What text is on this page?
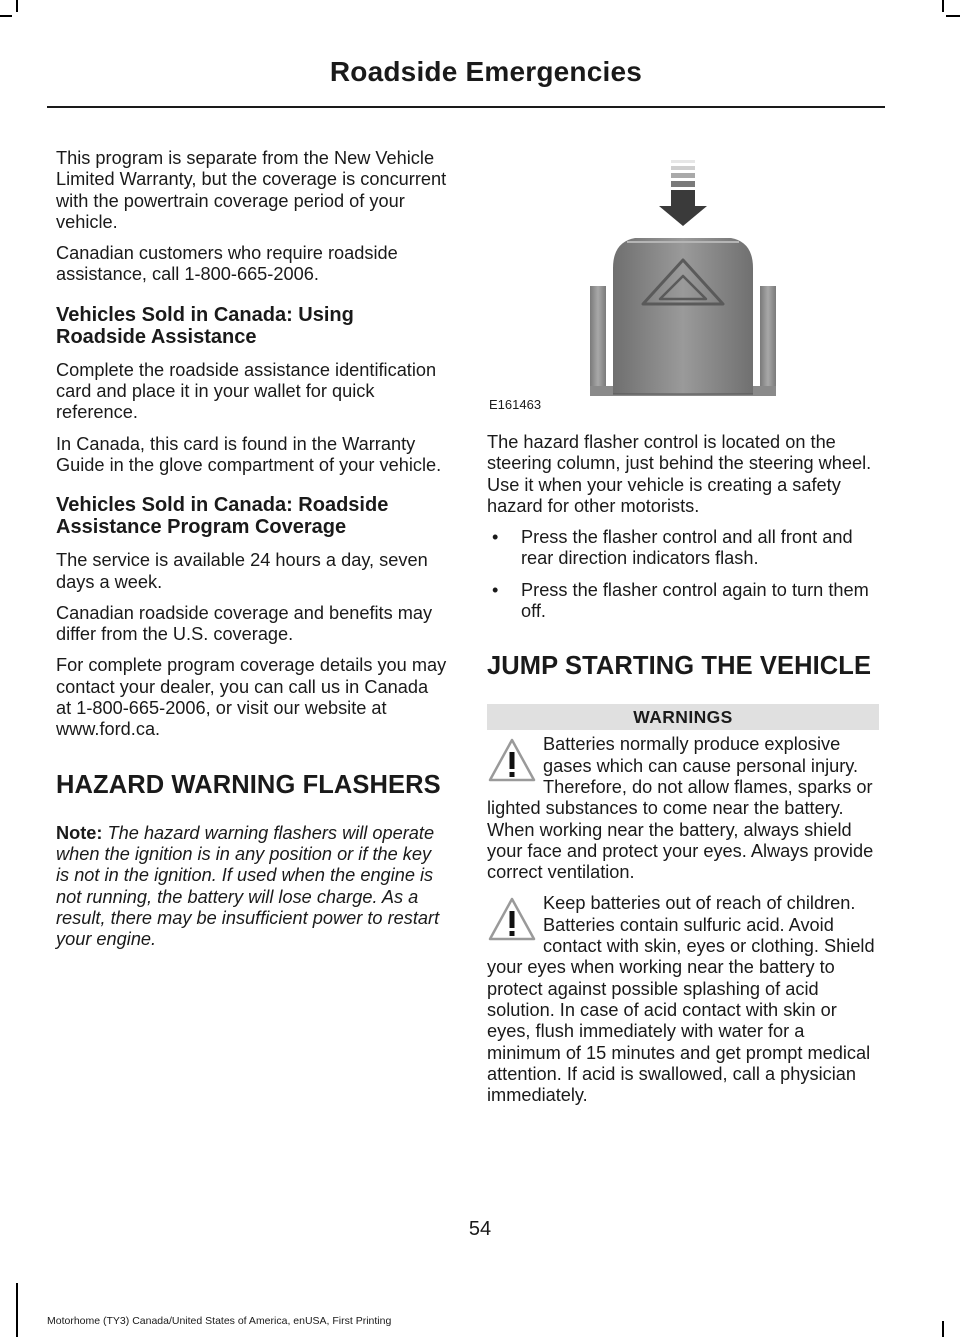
Roadside Emergencies

This program is separate from the New Vehicle Limited Warranty, but the coverage is concurrent with the powertrain coverage period of your vehicle.

Canadian customers who require roadside assistance, call 1-800-665-2006.

Vehicles Sold in Canada: Using Roadside Assistance

Complete the roadside assistance identification card and place it in your wallet for quick reference.

In Canada, this card is found in the Warranty Guide in the glove compartment of your vehicle.

Vehicles Sold in Canada: Roadside Assistance Program Coverage

The service is available 24 hours a day, seven days a week.

Canadian roadside coverage and benefits may differ from the U.S. coverage.

For complete program coverage details you may contact your dealer, you can call us in Canada at 1-800-665-2006, or visit our website at www.ford.ca.

HAZARD WARNING FLASHERS

Note: The hazard warning flashers will operate when the ignition is in any position or if the key is not in the ignition. If used when the engine is not running, the battery will lose charge. As a result, there may be insufficient power to restart your engine.

E161463

The hazard flasher control is located on the steering column, just behind the steering wheel. Use it when your vehicle is creating a safety hazard for other motorists.

• Press the flasher control and all front and rear direction indicators flash.
• Press the flasher control again to turn them off.
JUMP STARTING THE VEHICLE
WARNINGS

Batteries normally produce explosive gases which can cause personal injury. Therefore, do not allow flames, sparks or lighted substances to come near the battery. When working near the battery, always shield your face and protect your eyes. Always provide correct ventilation.

Keep batteries out of reach of children. Batteries contain sulfuric acid. Avoid contact with skin, eyes or clothing. Shield your eyes when working near the battery to protect against possible splashing of acid solution. In case of acid contact with skin or eyes, flush immediately with water for a minimum of 15 minutes and get prompt medical attention. If acid is swallowed, call a physician immediately.

54
Motorhome (TY3) Canada/United States of America, enUSA, First Printing
